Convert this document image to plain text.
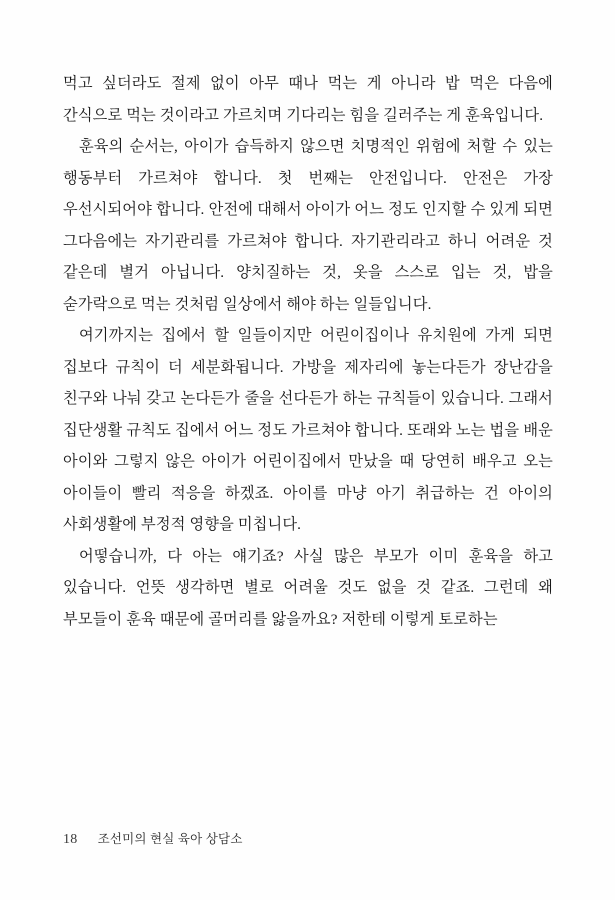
먹고 싶더라도 절제 없이 아무 때나 먹는 게 아니라 밥 먹은 다음에 간식으로 먹는 것이라고 가르치며 기다리는 힘을 길러주는 게 훈육입니다.

훈육의 순서는, 아이가 습득하지 않으면 치명적인 위험에 처할 수 있는 행동부터 가르쳐야 합니다. 첫 번째는 안전입니다. 안전은 가장 우선시되어야 합니다. 안전에 대해서 아이가 어느 정도 인지할 수 있게 되면 그다음에는 자기관리를 가르쳐야 합니다. 자기관리라고 하니 어려운 것 같은데 별거 아닙니다. 양치질하는 것, 옷을 스스로 입는 것, 밥을 숟가락으로 먹는 것처럼 일상에서 해야 하는 일들입니다.

여기까지는 집에서 할 일들이지만 어린이집이나 유치원에 가게 되면 집보다 규칙이 더 세분화됩니다. 가방을 제자리에 놓는다든가 장난감을 친구와 나눠 갖고 논다든가 줄을 선다든가 하는 규칙들이 있습니다. 그래서 집단생활 규칙도 집에서 어느 정도 가르쳐야 합니다. 또래와 노는 법을 배운 아이와 그렇지 않은 아이가 어린이집에서 만났을 때 당연히 배우고 오는 아이들이 빨리 적응을 하겠죠. 아이를 마냥 아기 취급하는 건 아이의 사회생활에 부정적 영향을 미칩니다.

어떻습니까, 다 아는 얘기죠? 사실 많은 부모가 이미 훈육을 하고 있습니다. 언뜻 생각하면 별로 어려울 것도 없을 것 같죠. 그런데 왜 부모들이 훈육 때문에 골머리를 앓을까요? 저한테 이렇게 토로하는

18 조선미의 현실 육아 상담소
